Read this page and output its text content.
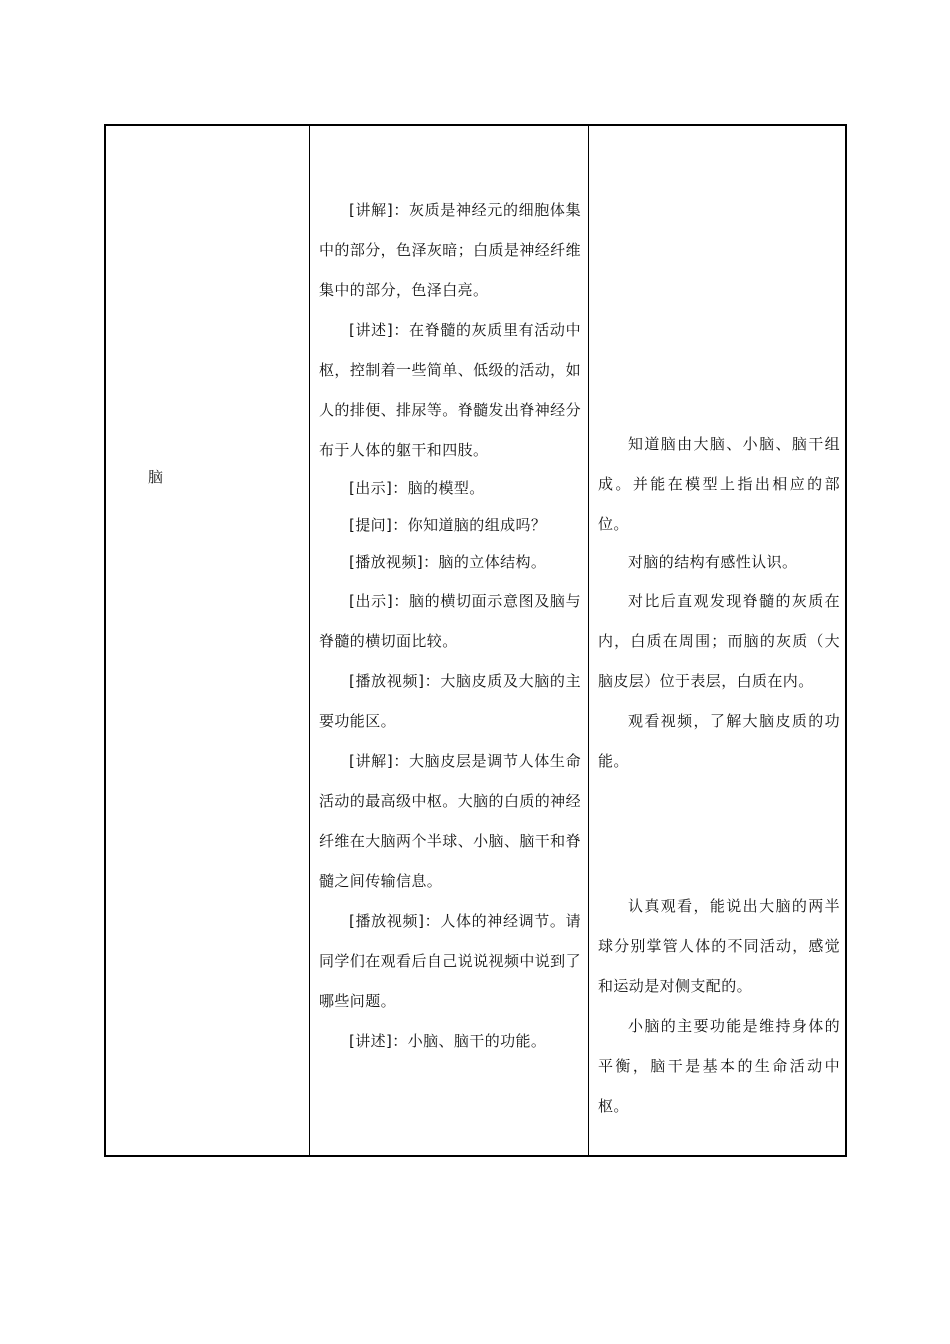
脑

[讲解]：灰质是神经元的细胞体集中的部分，色泽灰暗；白质是神经纤维集中的部分，色泽白亮。

[讲述]：在脊髓的灰质里有活动中枢，控制着一些简单、低级的活动，如人的排便、排尿等。脊髓发出脊神经分布于人体的躯干和四肢。

[出示]：脑的模型。

[提问]：你知道脑的组成吗？

[播放视频]：脑的立体结构。

[出示]：脑的横切面示意图及脑与脊髓的横切面比较。

[播放视频]：大脑皮质及大脑的主要功能区。

[讲解]：大脑皮层是调节人体生命活动的最高级中枢。大脑的白质的神经纤维在大脑两个半球、小脑、脑干和脊髓之间传输信息。

[播放视频]：人体的神经调节。请同学们在观看后自己说说视频中说到了哪些问题。

[讲述]：小脑、脑干的功能。

知道脑由大脑、小脑、脑干组成。并能在模型上指出相应的部位。

对脑的结构有感性认识。

对比后直观发现脊髓的灰质在内，白质在周围；而脑的灰质（大脑皮层）位于表层，白质在内。

观看视频，了解大脑皮质的功能。

认真观看，能说出大脑的两半球分别掌管人体的不同活动，感觉和运动是对侧支配的。

小脑的主要功能是维持身体的平衡，脑干是基本的生命活动中枢。
